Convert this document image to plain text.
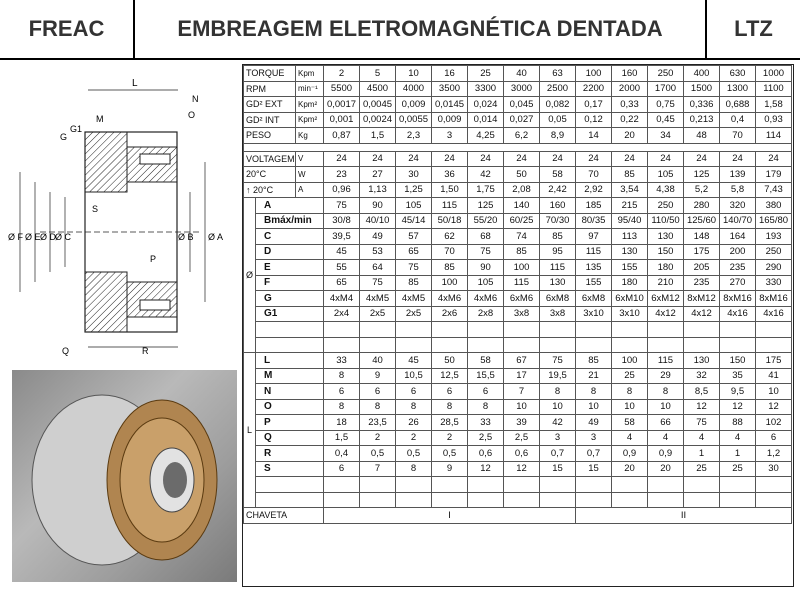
FREAC	EMBREAGEM ELETROMAGNÉTICA DENTADA	LTZ
L
N
O
M
G
G1
Ø F Ø E Ø D
Ø C	Ø B Ø A
S
P
Q	R
TORQUE		Kpm	2	5	10	16	25	40	63	100	160	250	400	630	1000
RPM		min⁻¹	5500	4500	4000	3500	3300	3000	2500	2200	2000	1700	1500	1300	1100
GD² EXT		Kpm²	0,0017	0,0045	0,009	0,0145	0,024	0,045	0,082	0,17	0,33	0,75	0,336	0,688	1,58
GD² INT		Kpm²	0,001	0,0024	0,0055	0,009	0,014	0,027	0,05	0,12	0,22	0,45	0,213	0,4	0,93
PESO		Kg	0,87	1,5	2,3	3	4,25	6,2	8,9	14	20	34	48	70	114

VOLTAGEM		V	24	24	24	24	24	24	24	24	24	24	24	24	24
20°C		W	23	27	30	36	42	50	58	70	85	105	125	139	179
↑ 20°C		A	0,96	1,13	1,25	1,50	1,75	2,08	2,42	2,92	3,54	4,38	5,2	5,8	7,43
Ø	A		75	90	105	115	125	140	160	185	215	250	280	320	380
	Bmáx/min		30/8	40/10	45/14	50/18	55/20	60/25	70/30	80/35	95/40	110/50	125/60	140/70	165/80
	C		39,5	49	57	62	68	74	85	97	113	130	148	164	193
	D		45	53	65	70	75	85	95	115	130	150	175	200	250
	E		55	64	75	85	90	100	115	135	155	180	205	235	290
	F		65	75	85	100	105	115	130	155	180	210	235	270	330
	G		4xM4	4xM5	4xM5	4xM6	4xM6	6xM6	6xM8	6xM8	6xM10	6xM12	8xM12	8xM16	8xM16
	G1		2x4	2x5	2x5	2x6	2x8	3x8	3x8	3x10	3x10	4x12	4x12	4x16	4x16

L	L		33	40	45	50	58	67	75	85	100	115	130	150	175
	M		8	9	10,5	12,5	15,5	17	19,5	21	25	29	32	35	41
	N		6	6	6	6	6	7	8	8	8	8	8,5	9,5	10
	O		8	8	8	8	8	10	10	10	10	10	12	12	12
	P		18	23,5	26	28,5	33	39	42	49	58	66	75	88	102
	Q		1,5	2	2	2	2,5	2,5	3	3	4	4	4	4	6
	R		0,4	0,5	0,5	0,5	0,6	0,6	0,7	0,7	0,9	0,9	1	1	1,2
	S		6	7	8	9	12	12	15	15	20	20	25	25	30

CHAVETA			I							II					
